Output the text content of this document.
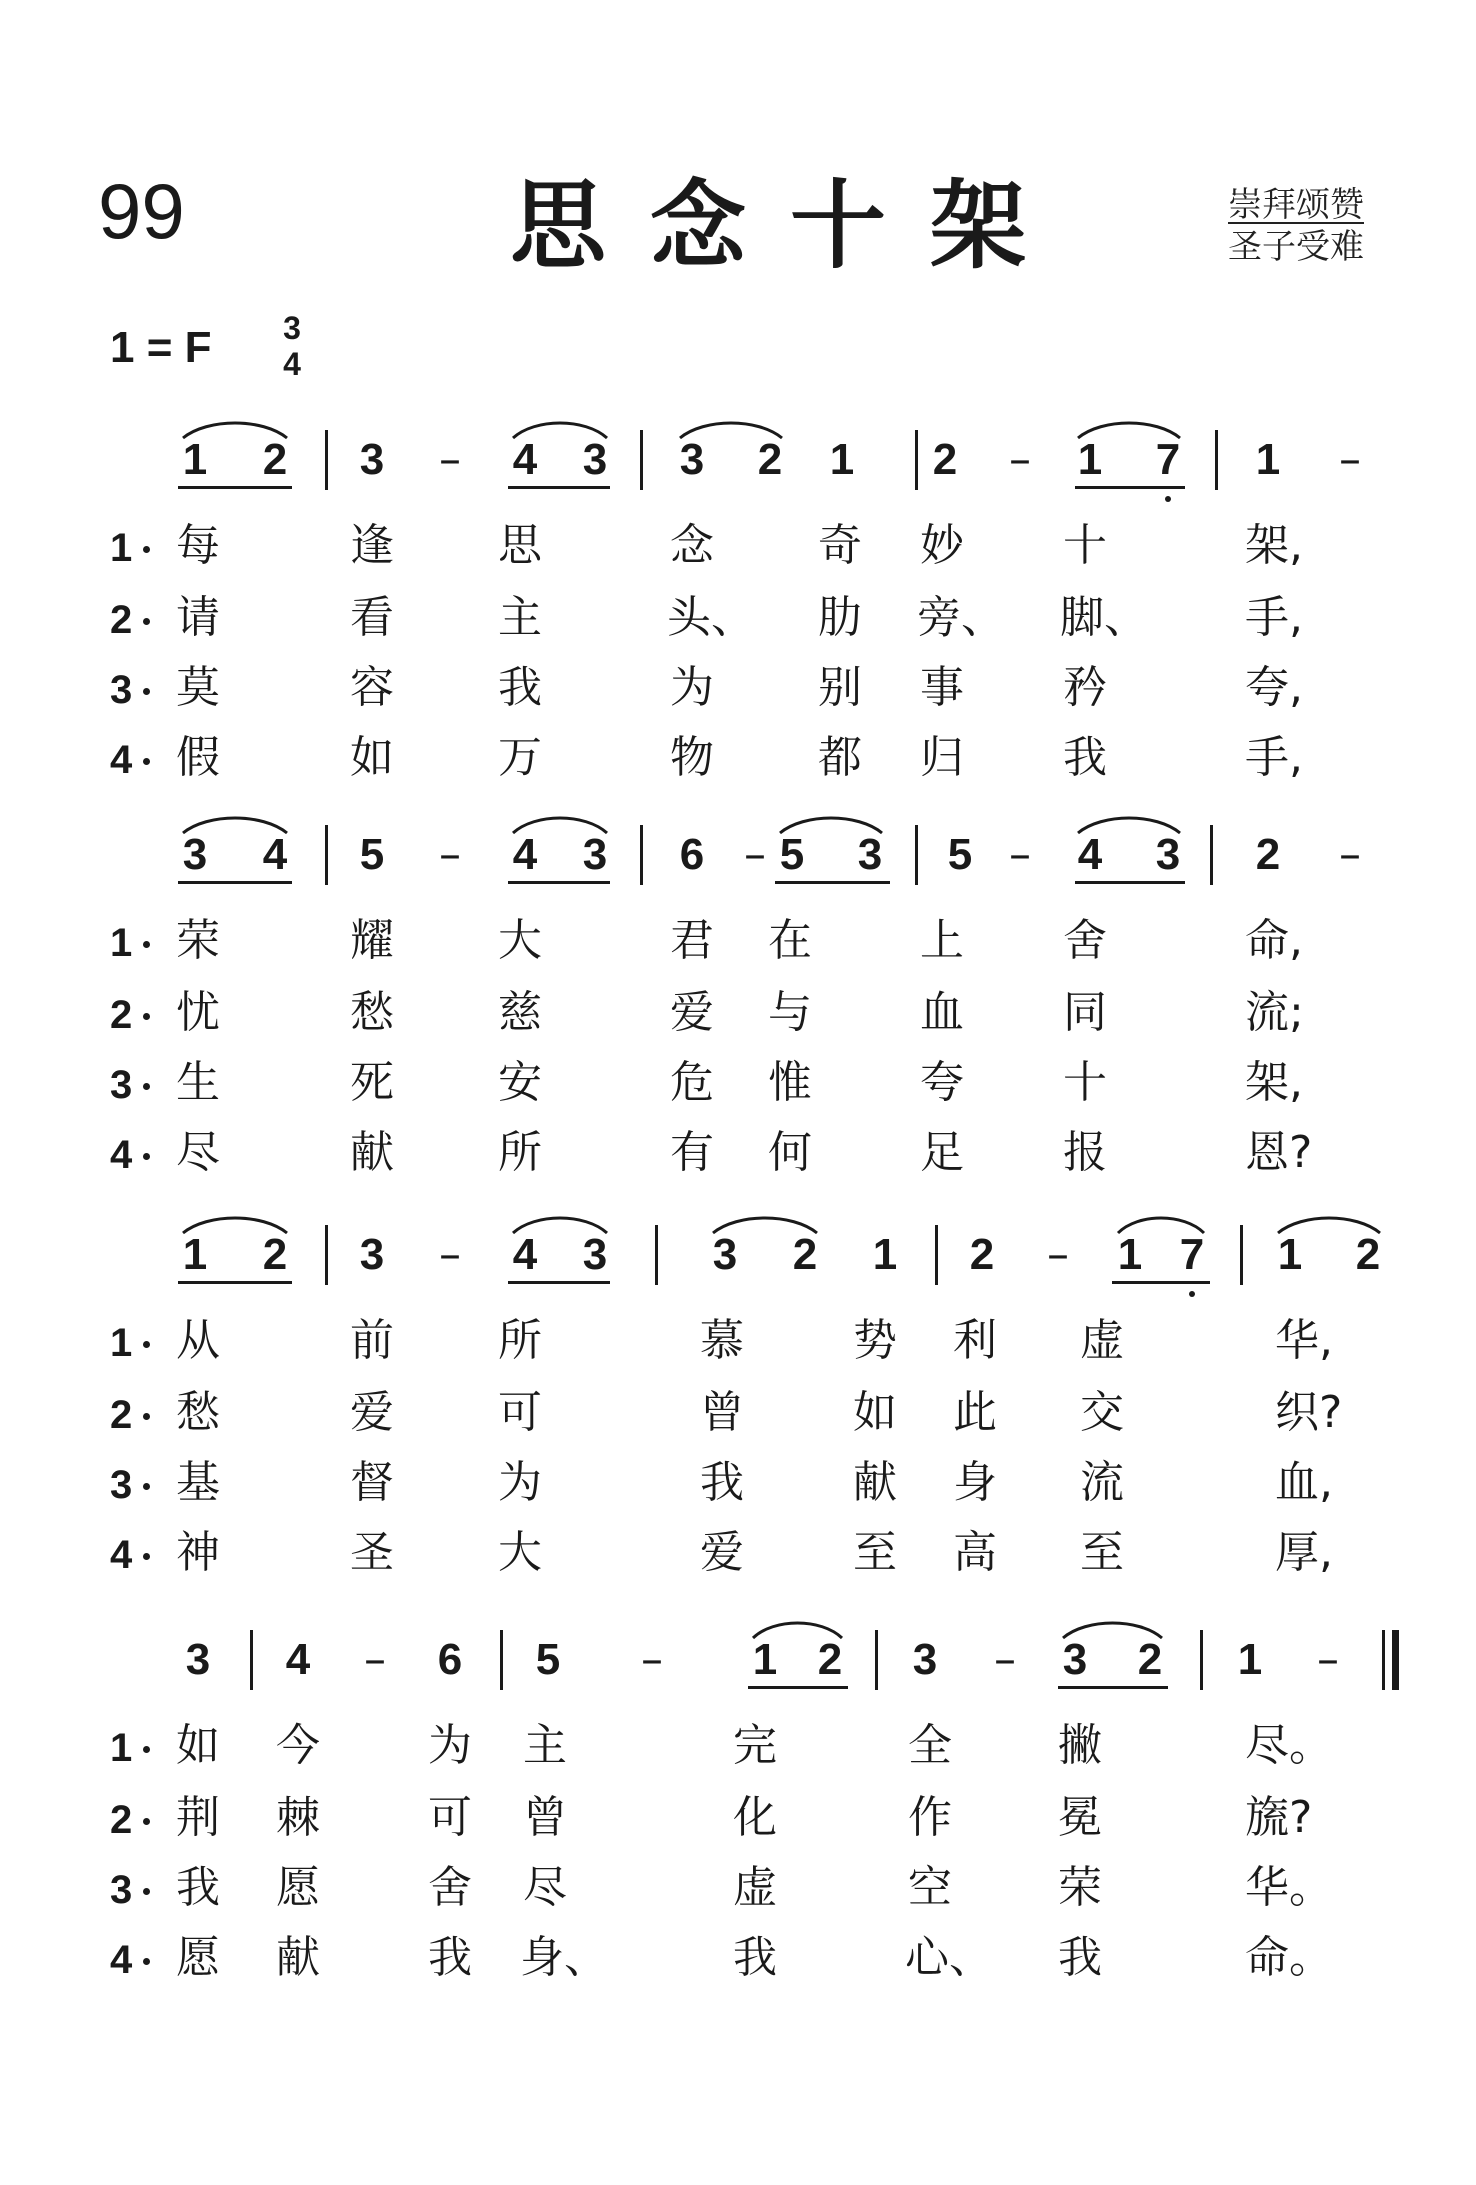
99	思念十架	崇拜颂赞
圣子受难
1 = F 3
4
1 2 3 – 4 3 3 2 1 2 – 1 7 1 –
1 每	逢 思	念 奇 妙 十	架,
2 请	看 主	头、 肋 旁、 脚、 手,
3 莫	容 我	为 别 事 矜	夸,
4 假	如 万	物 都 归 我	手,
3 4 5 – 4 3 6 – 5 3 5 – 4 3 2 –
1 荣	耀 大	君 在 上 舍	命,
2 忧	愁 慈	爱 与 血 同	流;
3 生	死 安	危 惟 夸 十	架,
4 尽	献 所	有 何 足 报	恩?
1 2 3 – 4 3 3 2 1 2 – 1 7 1 2
1 从	前 所	慕 势 利 虚	华,
2 愁	爱 可	曾 如 此 交	织?
3 基	督 为	我 献 身 流	血,
4 神	圣 大	爱 至 高 至	厚,
3 4 – 6 5 – 1 2 3 – 3 2 1 –
1 如 今 为 主	完	全 撇	尽。
2 荆 棘 可 曾	化	作 冕	旒?
3 我 愿 舍 尽	虚	空 荣	华。
4 愿 献 我 身、	我	心、 我	命。
